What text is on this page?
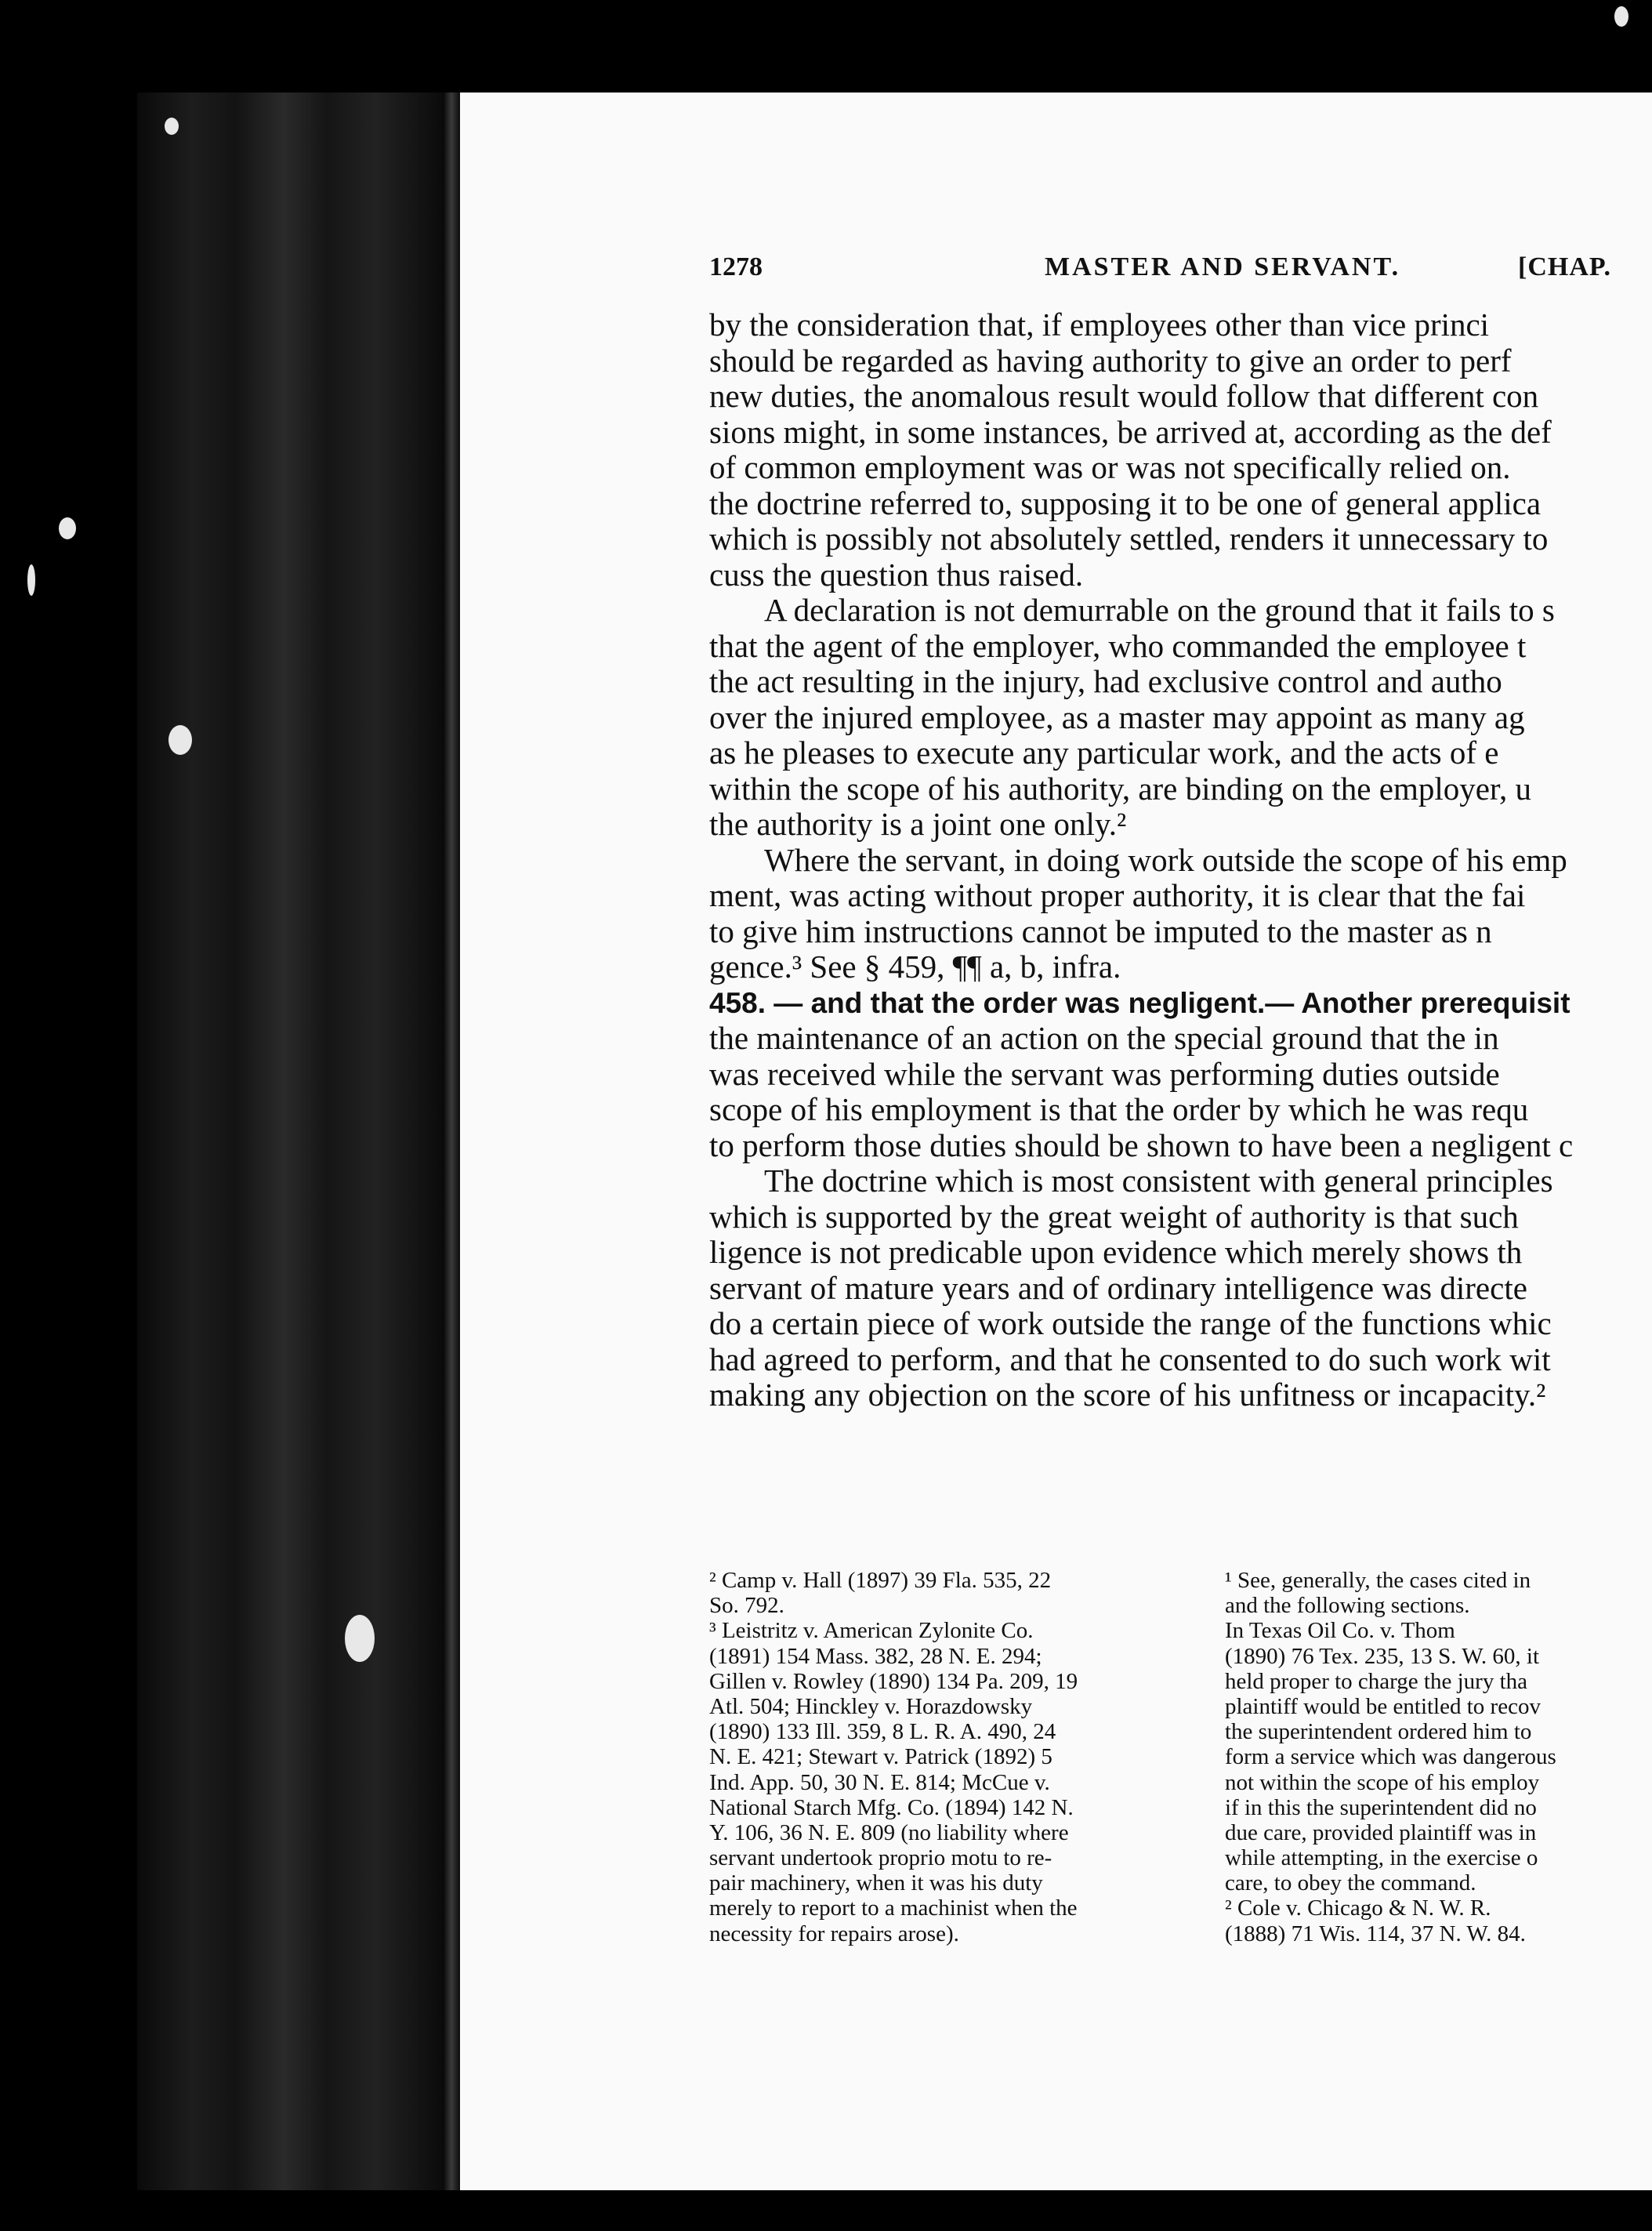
1278	MASTER AND SERVANT.	[CHAP.
by the consideration that, if employees other than vice princi
should be regarded as having authority to give an order to perf
new duties, the anomalous result would follow that different con
sions might, in some instances, be arrived at, according as the def
of common employment was or was not specifically relied on.
the doctrine referred to, supposing it to be one of general applica
which is possibly not absolutely settled, renders it unnecessary to
cuss the question thus raised.
A declaration is not demurrable on the ground that it fails to s
that the agent of the employer, who commanded the employee t
the act resulting in the injury, had exclusive control and autho
over the injured employee, as a master may appoint as many ag
as he pleases to execute any particular work, and the acts of e
within the scope of his authority, are binding on the employer, u
the authority is a joint one only.²
Where the servant, in doing work outside the scope of his emp
ment, was acting without proper authority, it is clear that the fai
to give him instructions cannot be imputed to the master as n
gence.³ See § 459, ¶¶ a, b, infra.
458. — and that the order was negligent.— Another prerequisit
the maintenance of an action on the special ground that the in
was received while the servant was performing duties outside
scope of his employment is that the order by which he was requ
to perform those duties should be shown to have been a negligent c
The doctrine which is most consistent with general principles
which is supported by the great weight of authority is that such
ligence is not predicable upon evidence which merely shows th
servant of mature years and of ordinary intelligence was directe
do a certain piece of work outside the range of the functions whic
had agreed to perform, and that he consented to do such work wit
making any objection on the score of his unfitness or incapacity.²
² Camp v. Hall (1897) 39 Fla. 535, 22
So. 792.
³ Leistritz v. American Zylonite Co.
(1891) 154 Mass. 382, 28 N. E. 294;
Gillen v. Rowley (1890) 134 Pa. 209, 19
Atl. 504; Hinckley v. Horazdowsky
(1890) 133 Ill. 359, 8 L. R. A. 490, 24
N. E. 421; Stewart v. Patrick (1892) 5
Ind. App. 50, 30 N. E. 814; McCue v.
National Starch Mfg. Co. (1894) 142 N.
Y. 106, 36 N. E. 809 (no liability where
servant undertook proprio motu to re-
pair machinery, when it was his duty
merely to report to a machinist when the
necessity for repairs arose).
¹ See, generally, the cases cited in
and the following sections.
In Texas Oil Co. v. Thom
(1890) 76 Tex. 235, 13 S. W. 60, it
held proper to charge the jury tha
plaintiff would be entitled to recov
the superintendent ordered him to
form a service which was dangerous
not within the scope of his employ
if in this the superintendent did no
due care, provided plaintiff was in
while attempting, in the exercise o
care, to obey the command.
² Cole v. Chicago & N. W. R.
(1888) 71 Wis. 114, 37 N. W. 84.
